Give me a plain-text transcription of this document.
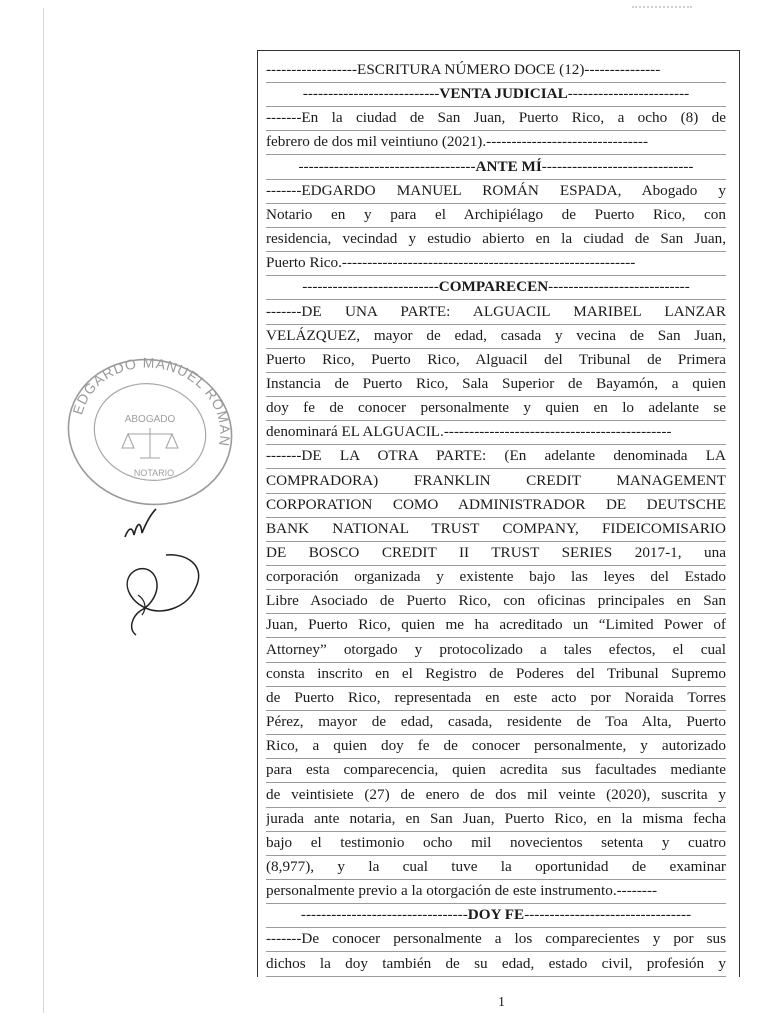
------------------ESCRITURA NÚMERO DOCE (12)---------------
---------------------------VENTA JUDICIAL------------------------
-------En la ciudad de San Juan, Puerto Rico, a ocho (8) de
febrero de dos mil veintiuno (2021).--------------------------------
-----------------------------------ANTE MÍ------------------------------
-------EDGARDO MANUEL ROMÁN ESPADA, Abogado y
Notario en y para el Archipiélago de Puerto Rico, con
residencia, vecindad y estudio abierto en la ciudad de San Juan,
Puerto Rico.----------------------------------------------------------
---------------------------COMPARECEN----------------------------
-------DE UNA PARTE: ALGUACIL MARIBEL LANZAR
VELÁZQUEZ, mayor de edad, casada y vecina de San Juan,
Puerto Rico, Puerto Rico, Alguacil del Tribunal de Primera
Instancia de Puerto Rico, Sala Superior de Bayamón, a quien
doy fe de conocer personalmente y quien en lo adelante se
denominará EL ALGUACIL.---------------------------------------------
-------DE LA OTRA PARTE: (En adelante denominada LA
COMPRADORA) FRANKLIN CREDIT MANAGEMENT
CORPORATION COMO ADMINISTRADOR DE DEUTSCHE
BANK NATIONAL TRUST COMPANY, FIDEICOMISARIO
DE BOSCO CREDIT II TRUST SERIES 2017-1, una
corporación organizada y existente bajo las leyes del Estado
Libre Asociado de Puerto Rico, con oficinas principales en San
Juan, Puerto Rico, quien me ha acreditado un “Limited Power of
Attorney” otorgado y protocolizado a tales efectos, el cual
consta inscrito en el Registro de Poderes del Tribunal Supremo
de Puerto Rico, representada en este acto por Noraida Torres
Pérez, mayor de edad, casada, residente de Toa Alta, Puerto
Rico, a quien doy fe de conocer personalmente, y autorizado
para esta comparecencia, quien acredita sus facultades mediante
de veintisiete (27) de enero de dos mil veinte (2020), suscrita y
jurada ante notaria, en San Juan, Puerto Rico, en la misma fecha
bajo el testimonio ocho mil novecientos setenta y cuatro
(8,977), y la cual tuve la oportunidad de examinar
personalmente previo a la otorgación de este instrumento.--------
---------------------------------DOY FE---------------------------------
-------De conocer personalmente a los comparecientes y por sus
dichos la doy también de su edad, estado civil, profesión y
EDGARDO MANUEL ROMÁN
ABOGADO
NOTARIO
1
